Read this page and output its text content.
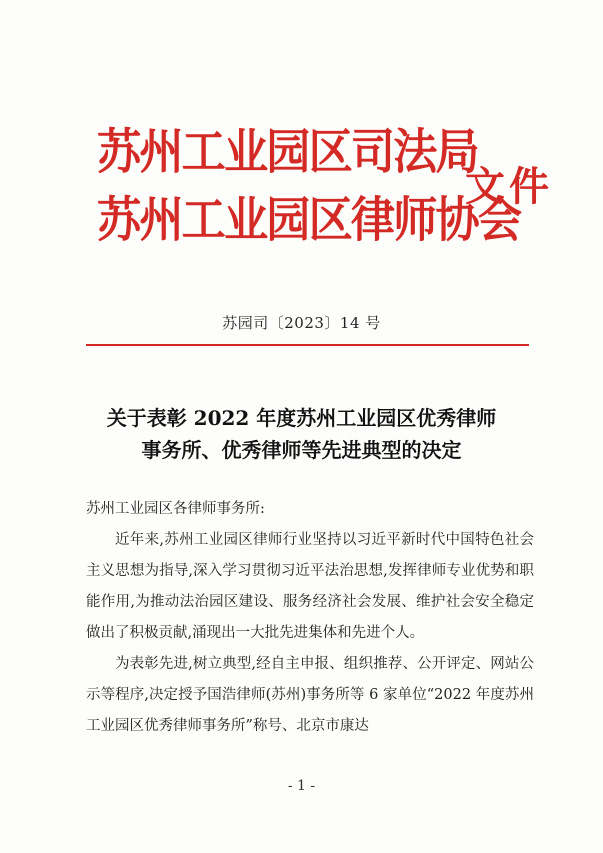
苏州工业园区司法局
苏州工业园区律师协会
文件
苏园司〔2023〕14 号
关于表彰 2022 年度苏州工业园区优秀律师
事务所、优秀律师等先进典型的决定

苏州工业园区各律师事务所:

近年来,苏州工业园区律师行业坚持以习近平新时代中国特色社会主义思想为指导,深入学习贯彻习近平法治思想,发挥律师专业优势和职能作用,为推动法治园区建设、服务经济社会发展、维护社会安全稳定做出了积极贡献,涌现出一大批先进集体和先进个人。

为表彰先进,树立典型,经自主申报、组织推荐、公开评定、网站公示等程序,决定授予国浩律师(苏州)事务所等 6 家单位“2022 年度苏州工业园区优秀律师事务所”称号、北京市康达

- 1 -
